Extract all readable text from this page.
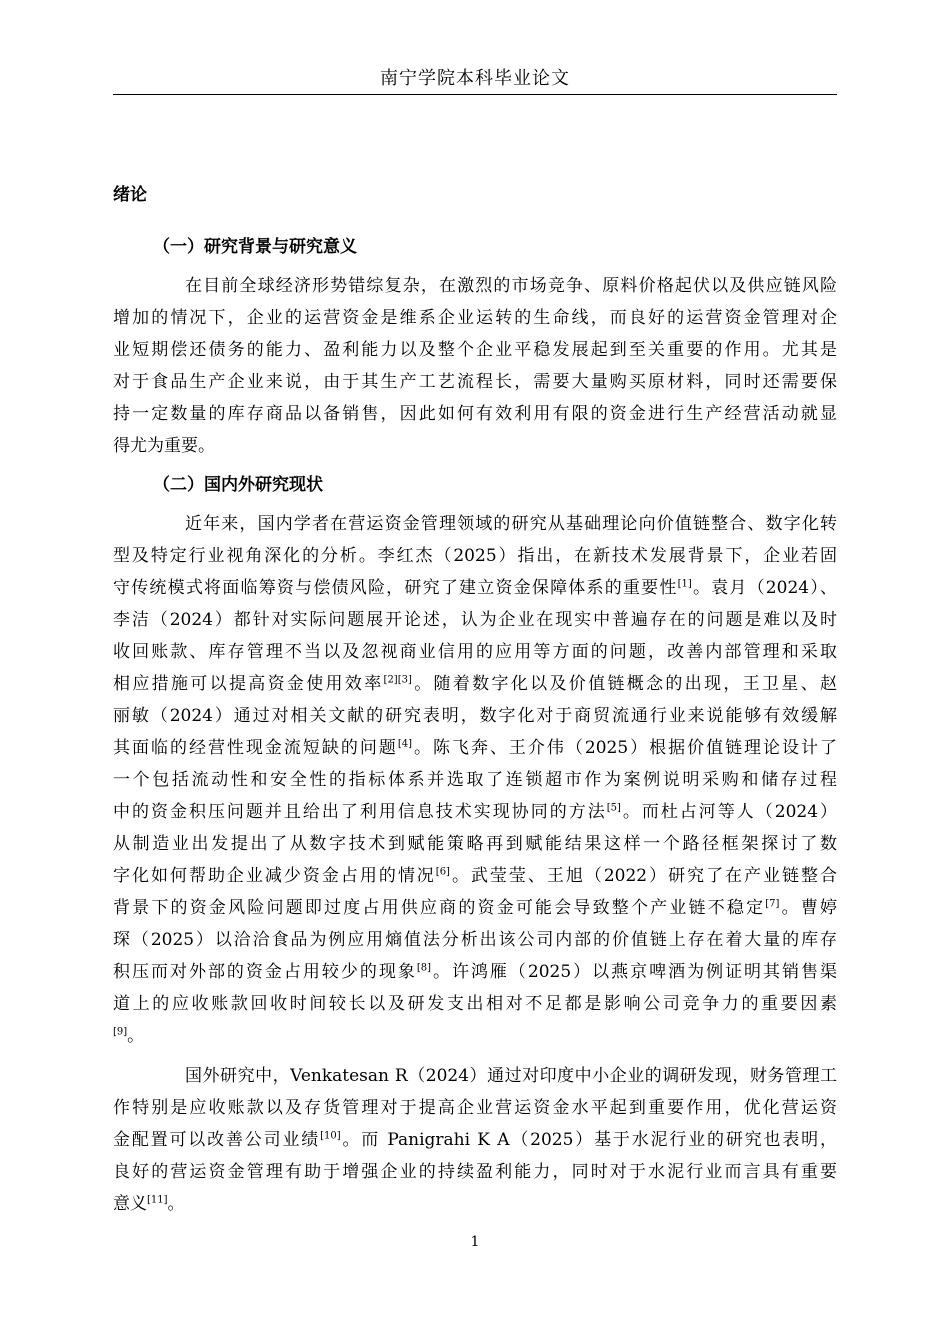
南宁学院本科毕业论文
绪论
（一）研究背景与研究意义
在目前全球经济形势错综复杂，在激烈的市场竞争、原料价格起伏以及供应链风险
增加的情况下，企业的运营资金是维系企业运转的生命线，而良好的运营资金管理对企
业短期偿还债务的能力、盈利能力以及整个企业平稳发展起到至关重要的作用。尤其是
对于食品生产企业来说，由于其生产工艺流程长，需要大量购买原材料，同时还需要保
持一定数量的库存商品以备销售，因此如何有效利用有限的资金进行生产经营活动就显
得尤为重要。
（二）国内外研究现状
近年来，国内学者在营运资金管理领域的研究从基础理论向价值链整合、数字化转
型及特定行业视角深化的分析。李红杰（2025）指出，在新技术发展背景下，企业若固
守传统模式将面临筹资与偿债风险，研究了建立资金保障体系的重要性[1]。袁月（2024）、
李洁（2024）都针对实际问题展开论述，认为企业在现实中普遍存在的问题是难以及时
收回账款、库存管理不当以及忽视商业信用的应用等方面的问题，改善内部管理和采取
相应措施可以提高资金使用效率[2][3]。随着数字化以及价值链概念的出现，王卫星、赵
丽敏（2024）通过对相关文献的研究表明，数字化对于商贸流通行业来说能够有效缓解
其面临的经营性现金流短缺的问题[4]。陈飞奔、王介伟（2025）根据价值链理论设计了
一个包括流动性和安全性的指标体系并选取了连锁超市作为案例说明采购和储存过程
中的资金积压问题并且给出了利用信息技术实现协同的方法[5]。而杜占河等人（2024）
从制造业出发提出了从数字技术到赋能策略再到赋能结果这样一个路径框架探讨了数
字化如何帮助企业减少资金占用的情况[6]。武莹莹、王旭（2022）研究了在产业链整合
背景下的资金风险问题即过度占用供应商的资金可能会导致整个产业链不稳定[7]。曹婷
琛（2025）以洽洽食品为例应用熵值法分析出该公司内部的价值链上存在着大量的库存
积压而对外部的资金占用较少的现象[8]。许鸿雁（2025）以燕京啤酒为例证明其销售渠
道上的应收账款回收时间较长以及研发支出相对不足都是影响公司竞争力的重要因素
[9]。
国外研究中，Venkatesan R（2024）通过对印度中小企业的调研发现，财务管理工
作特别是应收账款以及存货管理对于提高企业营运资金水平起到重要作用，优化营运资
金配置可以改善公司业绩[10]。而 Panigrahi K A（2025）基于水泥行业的研究也表明，
良好的营运资金管理有助于增强企业的持续盈利能力，同时对于水泥行业而言具有重要
意义[11]。
1
